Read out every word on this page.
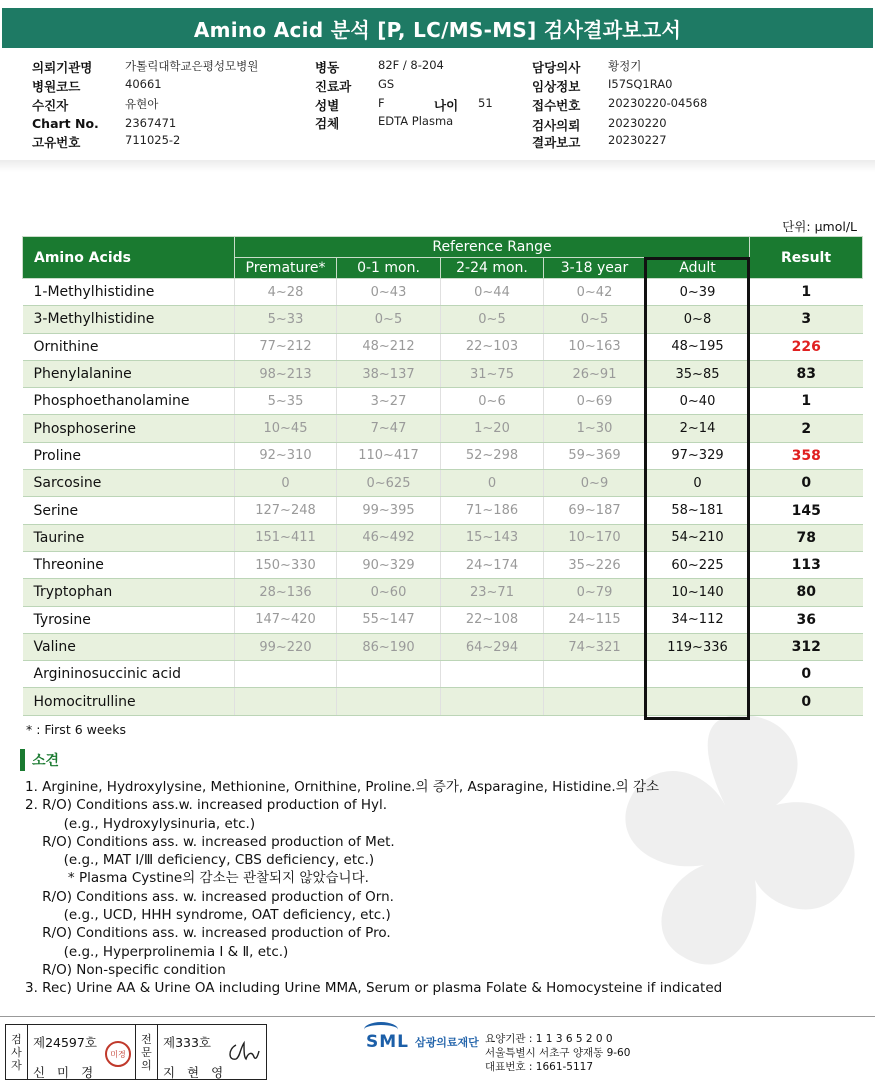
Amino Acid 분석 [P, LC/MS-MS] 검사결과보고서
의뢰기관명	가톨릭대학교은평성모병원
병원코드	40661
수진자	유현아
Chart No. 2367471
고유번호	711025-2
병동	82F / 8-204
진료과 GS
성별	F	나이 51
검체	EDTA Plasma
담당의사 황정기
임상정보 I57SQ1RA0
접수번호 20230220-04568
검사의뢰 20230220
결과보고 20230227
단위: µmol/L
Amino Acids	Reference Range					Result
	Premature*	0-1 mon.	2-24 mon.	3-18 year	Adult	
1-Methylhistidine	4~28	0~43	0~44	0~42	0~39	1
3-Methylhistidine	5~33	0~5	0~5	0~5	0~8	3
Ornithine	77~212	48~212	22~103	10~163	48~195	226
Phenylalanine	98~213	38~137	31~75	26~91	35~85	83
Phosphoethanolamine	5~35	3~27	0~6	0~69	0~40	1
Phosphoserine	10~45	7~47	1~20	1~30	2~14	2
Proline	92~310	110~417	52~298	59~369	97~329	358
Sarcosine	0	0~625	0	0~9	0	0
Serine	127~248	99~395	71~186	69~187	58~181	145
Taurine	151~411	46~492	15~143	10~170	54~210	78
Threonine	150~330	90~329	24~174	35~226	60~225	113
Tryptophan	28~136	0~60	23~71	0~79	10~140	80
Tyrosine	147~420	55~147	22~108	24~115	34~112	36
Valine	99~220	86~190	64~294	74~321	119~336	312
Argininosuccinic acid						0
Homocitrulline						0
* : First 6 weeks
소견
1. Arginine, Hydroxylysine, Methionine, Ornithine, Proline.의 증가, Asparagine, Histidine.의 감소
2. R/O) Conditions ass.w. increased production of Hyl.
(e.g., Hydroxylysinuria, etc.)
R/O) Conditions ass. w. increased production of Met.
(e.g., MAT Ⅰ/Ⅲ deficiency, CBS deficiency, etc.)
* Plasma Cystine의 감소는 관찰되지 않았습니다.
R/O) Conditions ass. w. increased production of Orn.
(e.g., UCD, HHH syndrome, OAT deficiency, etc.)
R/O) Conditions ass. w. increased production of Pro.
(e.g., Hyperprolinemia Ⅰ & Ⅱ, etc.)
R/O) Non-specific condition
3. Rec) Urine AA & Urine OA including Urine MMA, Serum or plasma Folate & Homocysteine if indicated
검
사
자
제24597호
신 미 경
미경
전
문
의
제333호
지 현 영
SML 삼광의료재단 요양기관 : 1 1 3 6 5 2 0 0
서울특별시 서초구 양재동 9-60
대표번호 : 1661-5117
